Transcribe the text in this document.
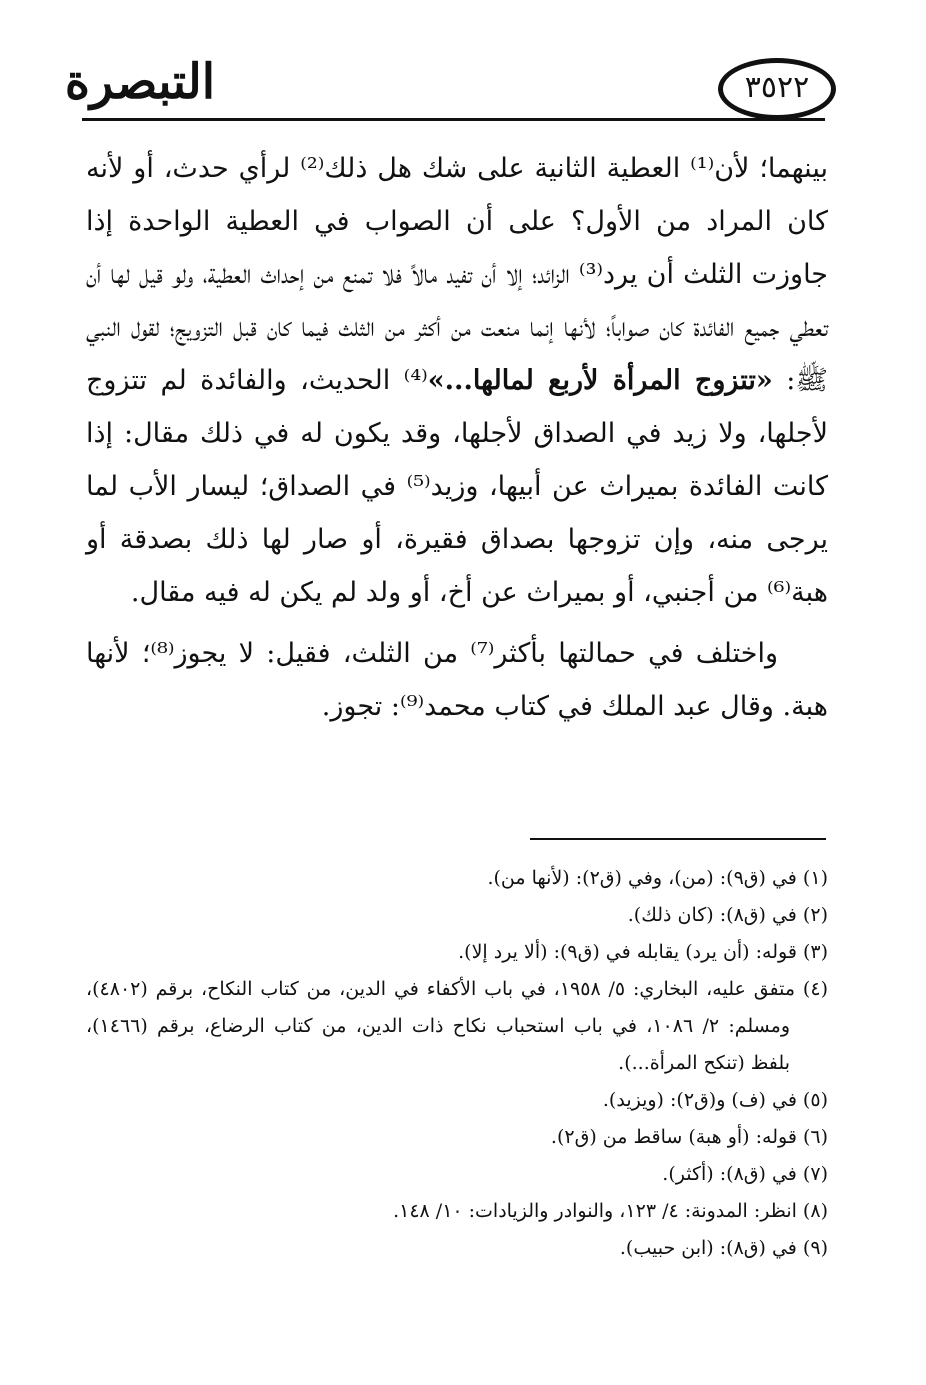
التبصرة	٣٥٢٢

بينهما؛ لأن⁽¹⁾ العطية الثانية على شك هل ذلك⁽²⁾ لرأي حدث، أو لأنه كان المراد من الأول؟ على أن الصواب في العطية الواحدة إذا جاوزت الثلث أن يرد⁽³⁾ الزائد؛ إلا أن تفيد مالاً فلا تمنع من إحداث العطية، ولو قيل لها أن تعطي جميع الفائدة كان صواباً؛ لأنها إنما منعت من أكثر من الثلث فيما كان قبل التزويج؛ لقول النبي ﷺ: «تتزوج المرأة لأربع لمالها...»⁽⁴⁾ الحديث، والفائدة لم تتزوج لأجلها، ولا زيد في الصداق لأجلها، وقد يكون له في ذلك مقال: إذا كانت الفائدة بميراث عن أبيها، وزيد⁽⁵⁾ في الصداق؛ ليسار الأب لما يرجى منه، وإن تزوجها بصداق فقيرة، أو صار لها ذلك بصدقة أو هبة⁽⁶⁾ من أجنبي، أو بميراث عن أخ، أو ولد لم يكن له فيه مقال.

واختلف في حمالتها بأكثر⁽⁷⁾ من الثلث، فقيل: لا يجوز⁽⁸⁾؛ لأنها هبة. وقال عبد الملك في كتاب محمد⁽⁹⁾: تجوز.

(١) في (ق٩): (من)، وفي (ق٢): (لأنها من).

(٢) في (ق٨): (كان ذلك).

(٣) قوله: (أن يرد) يقابله في (ق٩): (ألا يرد إلا).

(٤) متفق عليه، البخاري: ٥/ ١٩٥٨، في باب الأكفاء في الدين، من كتاب النكاح، برقم (٤٨٠٢)، ومسلم: ٢/ ١٠٨٦، في باب استحباب نكاح ذات الدين، من كتاب الرضاع، برقم (١٤٦٦)، بلفظ (تنكح المرأة...).

(٥) في (ف) و(ق٢): (ويزيد).

(٦) قوله: (أو هبة) ساقط من (ق٢).

(٧) في (ق٨): (أكثر).

(٨) انظر: المدونة: ٤/ ١٢٣، والنوادر والزيادات: ١٠/ ١٤٨.

(٩) في (ق٨): (ابن حبيب).
